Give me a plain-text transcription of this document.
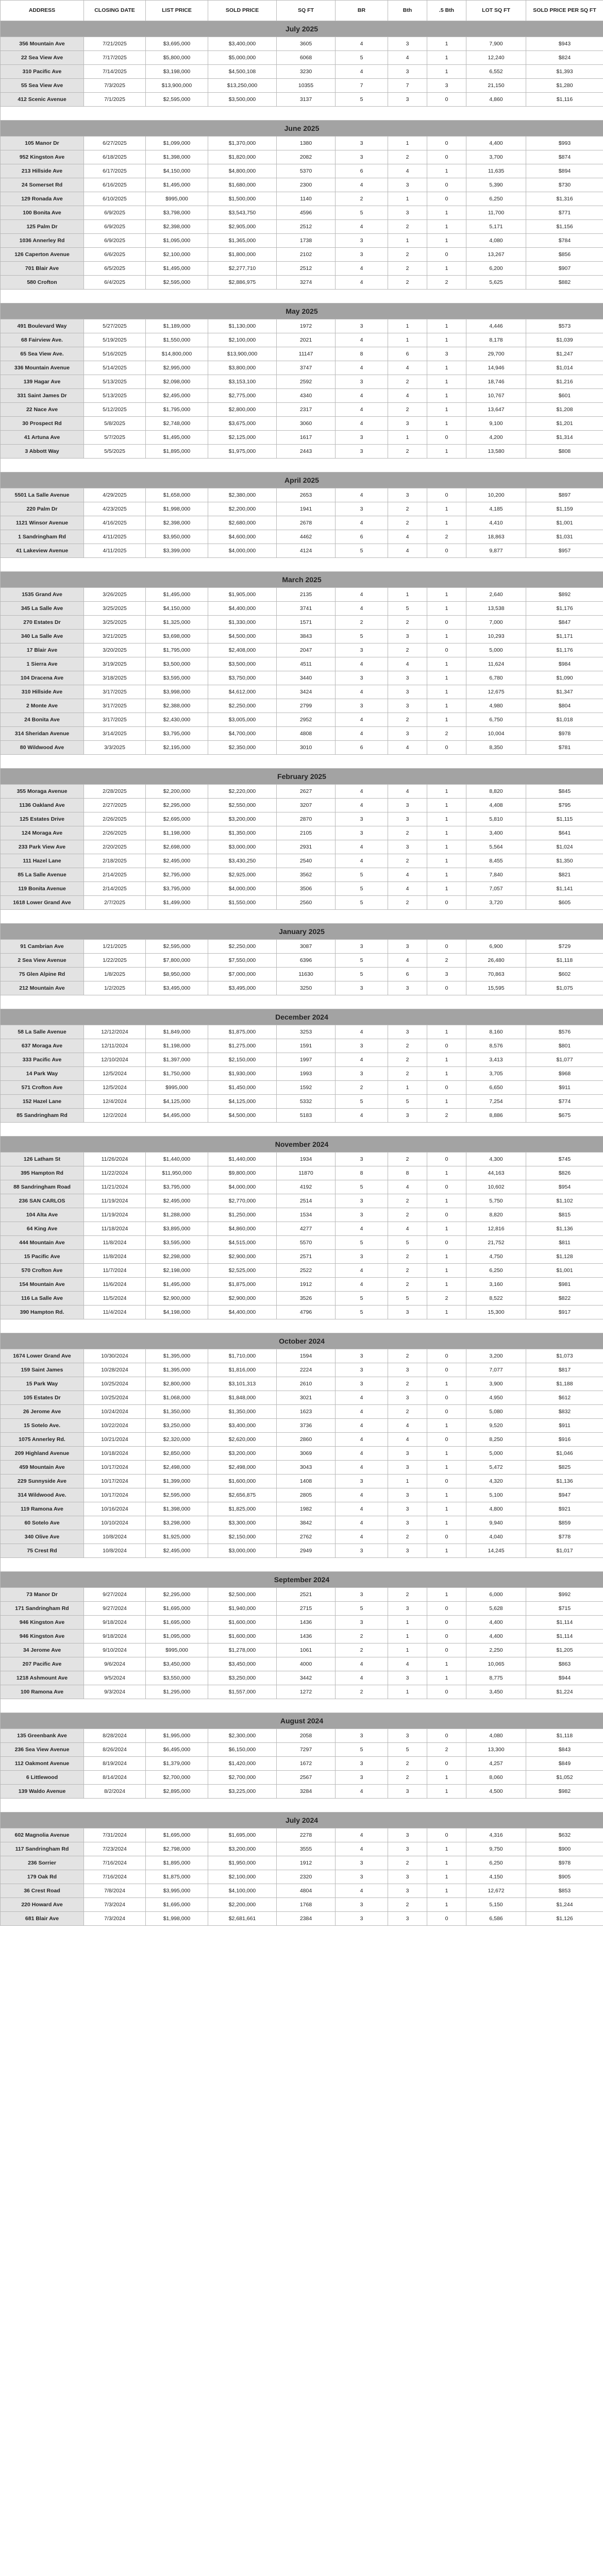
ADDRESS	CLOSING DATE	LIST PRICE	SOLD PRICE	SQ FT	BR	Bth	.5 Bth	LOT SQ FT	SOLD PRICE PER SQ FT
July 2025									
356 Mountain Ave	7/21/2025	$3,695,000	$3,400,000	3605	4	3	1	7,900	$943
22 Sea View Ave	7/17/2025	$5,800,000	$5,000,000	6068	5	4	1	12,240	$824
310 Pacific Ave	7/14/2025	$3,198,000	$4,500,108	3230	4	3	1	6,552	$1,393
55 Sea View Ave	7/3/2025	$13,900,000	$13,250,000	10355	7	7	3	21,150	$1,280
412 Scenic Avenue	7/1/2025	$2,595,000	$3,500,000	3137	5	3	0	4,860	$1,116

June 2025									
105 Manor Dr	6/27/2025	$1,099,000	$1,370,000	1380	3	1	0	4,400	$993
952 Kingston Ave	6/18/2025	$1,398,000	$1,820,000	2082	3	2	0	3,700	$874
213 Hillside Ave	6/17/2025	$4,150,000	$4,800,000	5370	6	4	1	11,635	$894
24 Somerset Rd	6/16/2025	$1,495,000	$1,680,000	2300	4	3	0	5,390	$730
129 Ronada Ave	6/10/2025	$995,000	$1,500,000	1140	2	1	0	6,250	$1,316
100 Bonita Ave	6/9/2025	$3,798,000	$3,543,750	4596	5	3	1	11,700	$771
125 Palm Dr	6/9/2025	$2,398,000	$2,905,000	2512	4	2	1	5,171	$1,156
1036 Annerley Rd	6/9/2025	$1,095,000	$1,365,000	1738	3	1	1	4,080	$784
126 Caperton Avenue	6/6/2025	$2,100,000	$1,800,000	2102	3	2	0	13,267	$856
701 Blair Ave	6/5/2025	$1,495,000	$2,277,710	2512	4	2	1	6,200	$907
580 Crofton	6/4/2025	$2,595,000	$2,886,975	3274	4	2	2	5,625	$882

May 2025									
491 Boulevard Way	5/27/2025	$1,189,000	$1,130,000	1972	3	1	1	4,446	$573
68 Fairview Ave.	5/19/2025	$1,550,000	$2,100,000	2021	4	1	1	8,178	$1,039
65 Sea View Ave.	5/16/2025	$14,800,000	$13,900,000	11147	8	6	3	29,700	$1,247
336 Mountain Avenue	5/14/2025	$2,995,000	$3,800,000	3747	4	4	1	14,946	$1,014
139 Hagar Ave	5/13/2025	$2,098,000	$3,153,100	2592	3	2	1	18,746	$1,216
331 Saint James Dr	5/13/2025	$2,495,000	$2,775,000	4340	4	4	1	10,767	$601
22 Nace Ave	5/12/2025	$1,795,000	$2,800,000	2317	4	2	1	13,647	$1,208
30 Prospect Rd	5/8/2025	$2,748,000	$3,675,000	3060	4	3	1	9,100	$1,201
41 Artuna Ave	5/7/2025	$1,495,000	$2,125,000	1617	3	1	0	4,200	$1,314
3 Abbott Way	5/5/2025	$1,895,000	$1,975,000	2443	3	2	1	13,580	$808

April 2025									
5501 La Salle Avenue	4/29/2025	$1,658,000	$2,380,000	2653	4	3	0	10,200	$897
220 Palm Dr	4/23/2025	$1,998,000	$2,200,000	1941	3	2	1	4,185	$1,159
1121 Winsor Avenue	4/16/2025	$2,398,000	$2,680,000	2678	4	2	1	4,410	$1,001
1 Sandringham Rd	4/11/2025	$3,950,000	$4,600,000	4462	6	4	2	18,863	$1,031
41 Lakeview Avenue	4/11/2025	$3,399,000	$4,000,000	4124	5	4	0	9,877	$957

March 2025									
1535 Grand Ave	3/26/2025	$1,495,000	$1,905,000	2135	4	1	1	2,640	$892
345 La Salle Ave	3/25/2025	$4,150,000	$4,400,000	3741	4	5	1	13,538	$1,176
270 Estates Dr	3/25/2025	$1,325,000	$1,330,000	1571	2	2	0	7,000	$847
340 La Salle Ave	3/21/2025	$3,698,000	$4,500,000	3843	5	3	1	10,293	$1,171
17 Blair Ave	3/20/2025	$1,795,000	$2,408,000	2047	3	2	0	5,000	$1,176
1 Sierra Ave	3/19/2025	$3,500,000	$3,500,000	4511	4	4	1	11,624	$984
104 Dracena Ave	3/18/2025	$3,595,000	$3,750,000	3440	3	3	1	6,780	$1,090
310 Hillside Ave	3/17/2025	$3,998,000	$4,612,000	3424	4	3	1	12,675	$1,347
2 Monte Ave	3/17/2025	$2,388,000	$2,250,000	2799	3	3	1	4,980	$804
24 Bonita Ave	3/17/2025	$2,430,000	$3,005,000	2952	4	2	1	6,750	$1,018
314 Sheridan Avenue	3/14/2025	$3,795,000	$4,700,000	4808	4	3	2	10,004	$978
80 Wildwood Ave	3/3/2025	$2,195,000	$2,350,000	3010	6	4	0	8,350	$781

February 2025									
355 Moraga Avenue	2/28/2025	$2,200,000	$2,220,000	2627	4	4	1	8,820	$845
1136 Oakland Ave	2/27/2025	$2,295,000	$2,550,000	3207	4	3	1	4,408	$795
125 Estates Drive	2/26/2025	$2,695,000	$3,200,000	2870	3	3	1	5,810	$1,115
124 Moraga Ave	2/26/2025	$1,198,000	$1,350,000	2105	3	2	1	3,400	$641
233 Park View Ave	2/20/2025	$2,698,000	$3,000,000	2931	4	3	1	5,564	$1,024
111 Hazel Lane	2/18/2025	$2,495,000	$3,430,250	2540	4	2	1	8,455	$1,350
85 La Salle Avenue	2/14/2025	$2,795,000	$2,925,000	3562	5	4	1	7,840	$821
119 Bonita Avenue	2/14/2025	$3,795,000	$4,000,000	3506	5	4	1	7,057	$1,141
1618 Lower Grand Ave	2/7/2025	$1,499,000	$1,550,000	2560	5	2	0	3,720	$605

January 2025									
91 Cambrian Ave	1/21/2025	$2,595,000	$2,250,000	3087	3	3	0	6,900	$729
2 Sea View Avenue	1/22/2025	$7,800,000	$7,550,000	6396	5	4	2	26,480	$1,118
75 Glen Alpine Rd	1/8/2025	$8,950,000	$7,000,000	11630	5	6	3	70,863	$602
212 Mountain Ave	1/2/2025	$3,495,000	$3,495,000	3250	3	3	0	15,595	$1,075

December 2024									
58 La Salle Avenue	12/12/2024	$1,849,000	$1,875,000	3253	4	3	1	8,160	$576
637 Moraga Ave	12/11/2024	$1,198,000	$1,275,000	1591	3	2	0	8,576	$801
333 Pacific Ave	12/10/2024	$1,397,000	$2,150,000	1997	4	2	1	3,413	$1,077
14 Park Way	12/5/2024	$1,750,000	$1,930,000	1993	3	2	1	3,705	$968
571 Crofton Ave	12/5/2024	$995,000	$1,450,000	1592	2	1	0	6,650	$911
152 Hazel Lane	12/4/2024	$4,125,000	$4,125,000	5332	5	5	1	7,254	$774
85 Sandringham Rd	12/2/2024	$4,495,000	$4,500,000	5183	4	3	2	8,886	$675

November 2024									
126 Latham St	11/26/2024	$1,440,000	$1,440,000	1934	3	2	0	4,300	$745
395 Hampton Rd	11/22/2024	$11,950,000	$9,800,000	11870	8	8	1	44,163	$826
88 Sandringham Road	11/21/2024	$3,795,000	$4,000,000	4192	5	4	0	10,602	$954
236 SAN CARLOS	11/19/2024	$2,495,000	$2,770,000	2514	3	2	1	5,750	$1,102
104 Alta Ave	11/19/2024	$1,288,000	$1,250,000	1534	3	2	0	8,820	$815
64 King Ave	11/18/2024	$3,895,000	$4,860,000	4277	4	4	1	12,816	$1,136
444 Mountain Ave	11/8/2024	$3,595,000	$4,515,000	5570	5	5	0	21,752	$811
15 Pacific Ave	11/8/2024	$2,298,000	$2,900,000	2571	3	2	1	4,750	$1,128
570 Crofton Ave	11/7/2024	$2,198,000	$2,525,000	2522	4	2	1	6,250	$1,001
154 Mountain Ave	11/6/2024	$1,495,000	$1,875,000	1912	4	2	1	3,160	$981
116 La Salle Ave	11/5/2024	$2,900,000	$2,900,000	3526	5	5	2	8,522	$822
390 Hampton Rd.	11/4/2024	$4,198,000	$4,400,000	4796	5	3	1	15,300	$917

October 2024									
1674 Lower Grand Ave	10/30/2024	$1,395,000	$1,710,000	1594	3	2	0	3,200	$1,073
159 Saint James	10/28/2024	$1,395,000	$1,816,000	2224	3	3	0	7,077	$817
15 Park Way	10/25/2024	$2,800,000	$3,101,313	2610	3	2	1	3,900	$1,188
105 Estates Dr	10/25/2024	$1,068,000	$1,848,000	3021	4	3	0	4,950	$612
26 Jerome Ave	10/24/2024	$1,350,000	$1,350,000	1623	4	2	0	5,080	$832
15 Sotelo Ave.	10/22/2024	$3,250,000	$3,400,000	3736	4	4	1	9,520	$911
1075 Annerley Rd.	10/21/2024	$2,320,000	$2,620,000	2860	4	4	0	8,250	$916
209 Highland Avenue	10/18/2024	$2,850,000	$3,200,000	3069	4	3	1	5,000	$1,046
459 Mountain Ave	10/17/2024	$2,498,000	$2,498,000	3043	4	3	1	5,472	$825
229 Sunnyside Ave	10/17/2024	$1,399,000	$1,600,000	1408	3	1	0	4,320	$1,136
314 Wildwood Ave.	10/17/2024	$2,595,000	$2,656,875	2805	4	3	1	5,100	$947
119 Ramona Ave	10/16/2024	$1,398,000	$1,825,000	1982	4	3	1	4,800	$921
60 Sotelo Ave	10/10/2024	$3,298,000	$3,300,000	3842	4	3	1	9,940	$859
340 Olive Ave	10/8/2024	$1,925,000	$2,150,000	2762	4	2	0	4,040	$778
75 Crest Rd	10/8/2024	$2,495,000	$3,000,000	2949	3	3	1	14,245	$1,017

September 2024									
73 Manor Dr	9/27/2024	$2,295,000	$2,500,000	2521	3	2	1	6,000	$992
171 Sandringham Rd	9/27/2024	$1,695,000	$1,940,000	2715	5	3	0	5,628	$715
946 Kingston Ave	9/18/2024	$1,695,000	$1,600,000	1436	3	1	0	4,400	$1,114
946 Kingston Ave	9/18/2024	$1,095,000	$1,600,000	1436	2	1	0	4,400	$1,114
34 Jerome Ave	9/10/2024	$995,000	$1,278,000	1061	2	1	0	2,250	$1,205
207 Pacific Ave	9/6/2024	$3,450,000	$3,450,000	4000	4	4	1	10,065	$863
1218 Ashmount Ave	9/5/2024	$3,550,000	$3,250,000	3442	4	3	1	8,775	$944
100 Ramona Ave	9/3/2024	$1,295,000	$1,557,000	1272	2	1	0	3,450	$1,224

August 2024									
135 Greenbank Ave	8/28/2024	$1,995,000	$2,300,000	2058	3	3	0	4,080	$1,118
236 Sea View Avenue	8/26/2024	$6,495,000	$6,150,000	7297	5	5	2	13,300	$843
112 Oakmont Avenue	8/19/2024	$1,379,000	$1,420,000	1672	3	2	0	4,257	$849
6 Littlewood	8/14/2024	$2,700,000	$2,700,000	2567	3	2	1	8,060	$1,052
139 Waldo Avenue	8/2/2024	$2,895,000	$3,225,000	3284	4	3	1	4,500	$982

July 2024									
602 Magnolia Avenue	7/31/2024	$1,695,000	$1,695,000	2278	4	3	0	4,316	$632
117 Sandringham Rd	7/23/2024	$2,798,000	$3,200,000	3555	4	3	1	9,750	$900
236 Sorrier	7/16/2024	$1,895,000	$1,950,000	1912	3	2	1	6,250	$978
179 Oak Rd	7/16/2024	$1,875,000	$2,100,000	2320	3	3	1	4,150	$905
36 Crest Road	7/8/2024	$3,995,000	$4,100,000	4804	4	3	1	12,672	$853
220 Howard Ave	7/3/2024	$1,695,000	$2,200,000	1768	3	2	1	5,150	$1,244
681 Blair Ave	7/3/2024	$1,998,000	$2,681,661	2384	3	3	0	6,586	$1,126
